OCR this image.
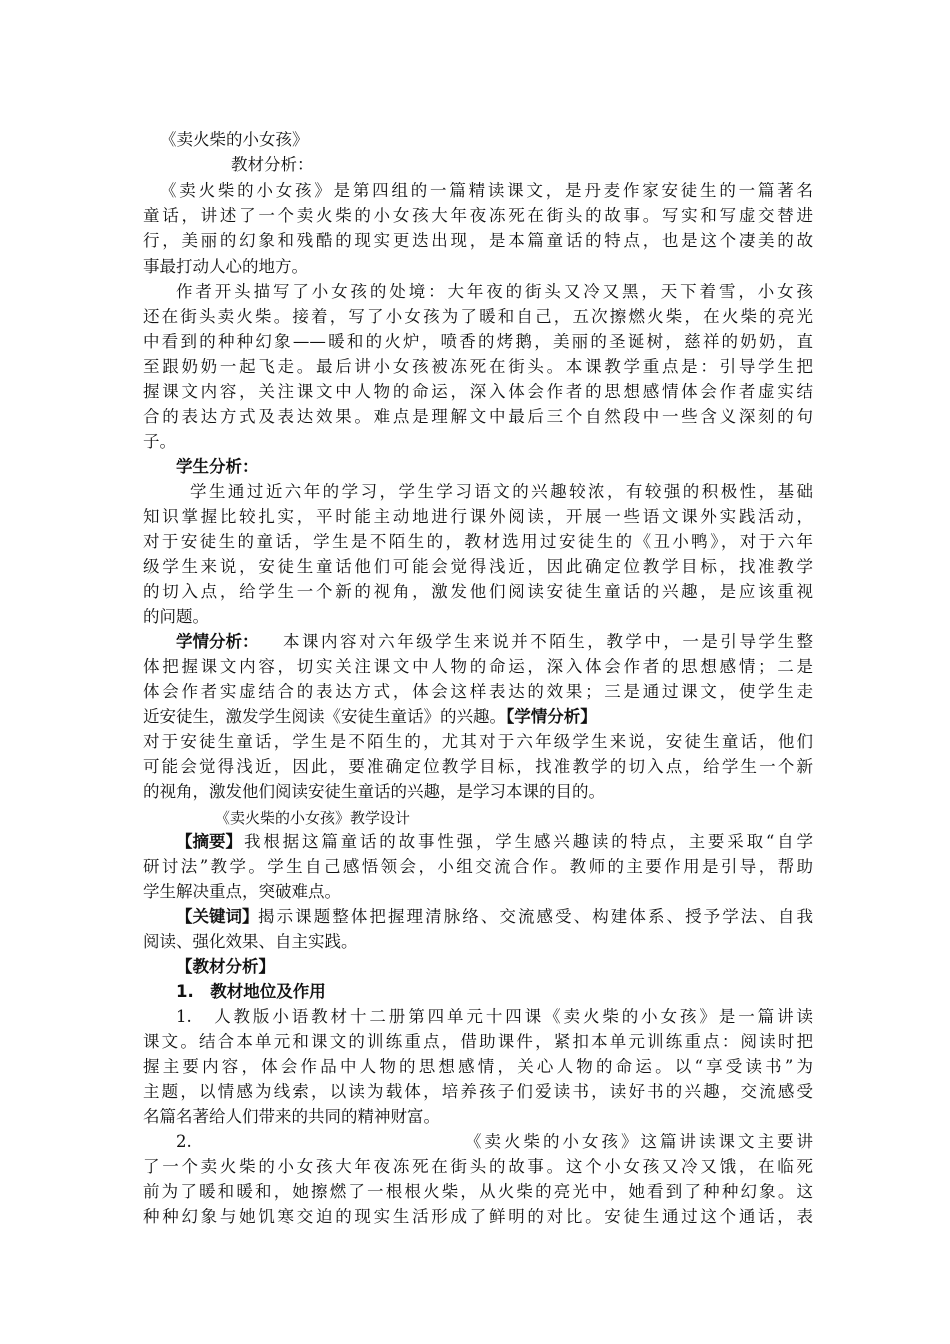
《卖火柴的小女孩》
教材分析：
《卖火柴的小女孩》是第四组的一篇精读课文，是丹麦作家安徒生的一篇著名
童话，讲述了一个卖火柴的小女孩大年夜冻死在街头的故事。写实和写虚交替进
行，美丽的幻象和残酷的现实更迭出现，是本篇童话的特点，也是这个凄美的故
事最打动人心的地方。
作者开头描写了小女孩的处境：大年夜的街头又冷又黑，天下着雪，小女孩
还在街头卖火柴。接着，写了小女孩为了暖和自己，五次擦燃火柴，在火柴的亮光
中看到的种种幻象——暖和的火炉，喷香的烤鹅，美丽的圣诞树，慈祥的奶奶，直
至跟奶奶一起飞走。最后讲小女孩被冻死在街头。本课教学重点是：引导学生把
握课文内容，关注课文中人物的命运，深入体会作者的思想感情体会作者虚实结
合的表达方式及表达效果。难点是理解文中最后三个自然段中一些含义深刻的句
子。
学生分析：
学生通过近六年的学习，学生学习语文的兴趣较浓，有较强的积极性，基础
知识掌握比较扎实，平时能主动地进行课外阅读，开展一些语文课外实践活动，
对于安徒生的童话，学生是不陌生的，教材选用过安徒生的《丑小鸭》，对于六年
级学生来说，安徒生童话他们可能会觉得浅近，因此确定位教学目标，找准教学
的切入点，给学生一个新的视角，激发他们阅读安徒生童话的兴趣，是应该重视
的问题。
学情分析：	本课内容对六年级学生来说并不陌生，教学中，一是引导学生整
体把握课文内容，切实关注课文中人物的命运，深入体会作者的思想感情；二是
体会作者实虚结合的表达方式，体会这样表达的效果；三是通过课文，使学生走
近安徒生，激发学生阅读《安徒生童话》的兴趣。【学情分析】
对于安徒生童话，学生是不陌生的，尤其对于六年级学生来说，安徒生童话，他们
可能会觉得浅近，因此，要准确定位教学目标，找准教学的切入点，给学生一个新
的视角，激发他们阅读安徒生童话的兴趣，是学习本课的目的。
《卖火柴的小女孩》教学设计
【摘要】 我根据这篇童话的故事性强，学生感兴趣读的特点，主要采取“自学
研讨法”教学。学生自己感悟领会，小组交流合作。教师的主要作用是引导，帮助
学生解决重点，突破难点。
【关键词】 揭示课题整体把握理清脉络、交流感受、构建体系、授予学法、自我
阅读、强化效果、自主实践。
【教材分析】
1.　教材地位及作用
1.　人教版小语教材十二册第四单元十四课《卖火柴的小女孩》是一篇讲读
课文。结合本单元和课文的训练重点，借助课件，紧扣本单元训练重点：阅读时把
握主要内容，体会作品中人物的思想感情，关心人物的命运。以“享受读书”为
主题，以情感为线索，以读为载体，培养孩子们爱读书，读好书的兴趣，交流感受
名篇名著给人们带来的共同的精神财富。
2.	《卖火柴的小女孩》这篇讲读课文主要讲
了一个卖火柴的小女孩大年夜冻死在街头的故事。这个小女孩又冷又饿，在临死
前为了暖和暖和，她擦燃了一根根火柴，从火柴的亮光中，她看到了种种幻象。这
种种幻象与她饥寒交迫的现实生活形成了鲜明的对比。安徒生通过这个通话，表
